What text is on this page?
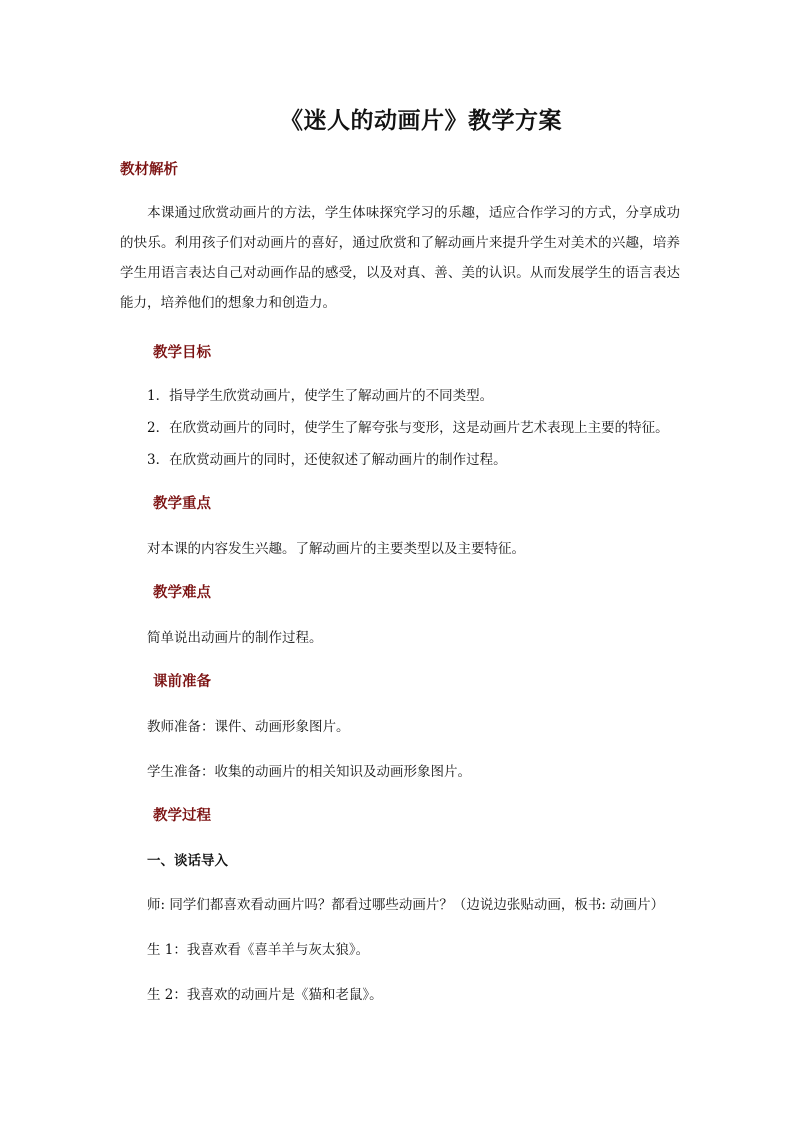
《迷人的动画片》教学方案
教材解析
本课通过欣赏动画片的方法，学生体味探究学习的乐趣，适应合作学习的方式，分享成功的快乐。利用孩子们对动画片的喜好，通过欣赏和了解动画片来提升学生对美术的兴趣，培养学生用语言表达自己对动画作品的感受，以及对真、善、美的认识。从而发展学生的语言表达能力，培养他们的想象力和创造力。
教学目标
1．指导学生欣赏动画片，使学生了解动画片的不同类型。
2．在欣赏动画片的同时，使学生了解夸张与变形，这是动画片艺术表现上主要的特征。
3．在欣赏动画片的同时，还使叙述了解动画片的制作过程。
教学重点
对本课的内容发生兴趣。了解动画片的主要类型以及主要特征。
教学难点
简单说出动画片的制作过程。
课前准备
教师准备：课件、动画形象图片。
学生准备：收集的动画片的相关知识及动画形象图片。
教学过程
一、谈话导入
师: 同学们都喜欢看动画片吗？都看过哪些动画片？（边说边张贴动画，板书: 动画片）
生 1：我喜欢看《喜羊羊与灰太狼》。
生 2：我喜欢的动画片是《猫和老鼠》。
